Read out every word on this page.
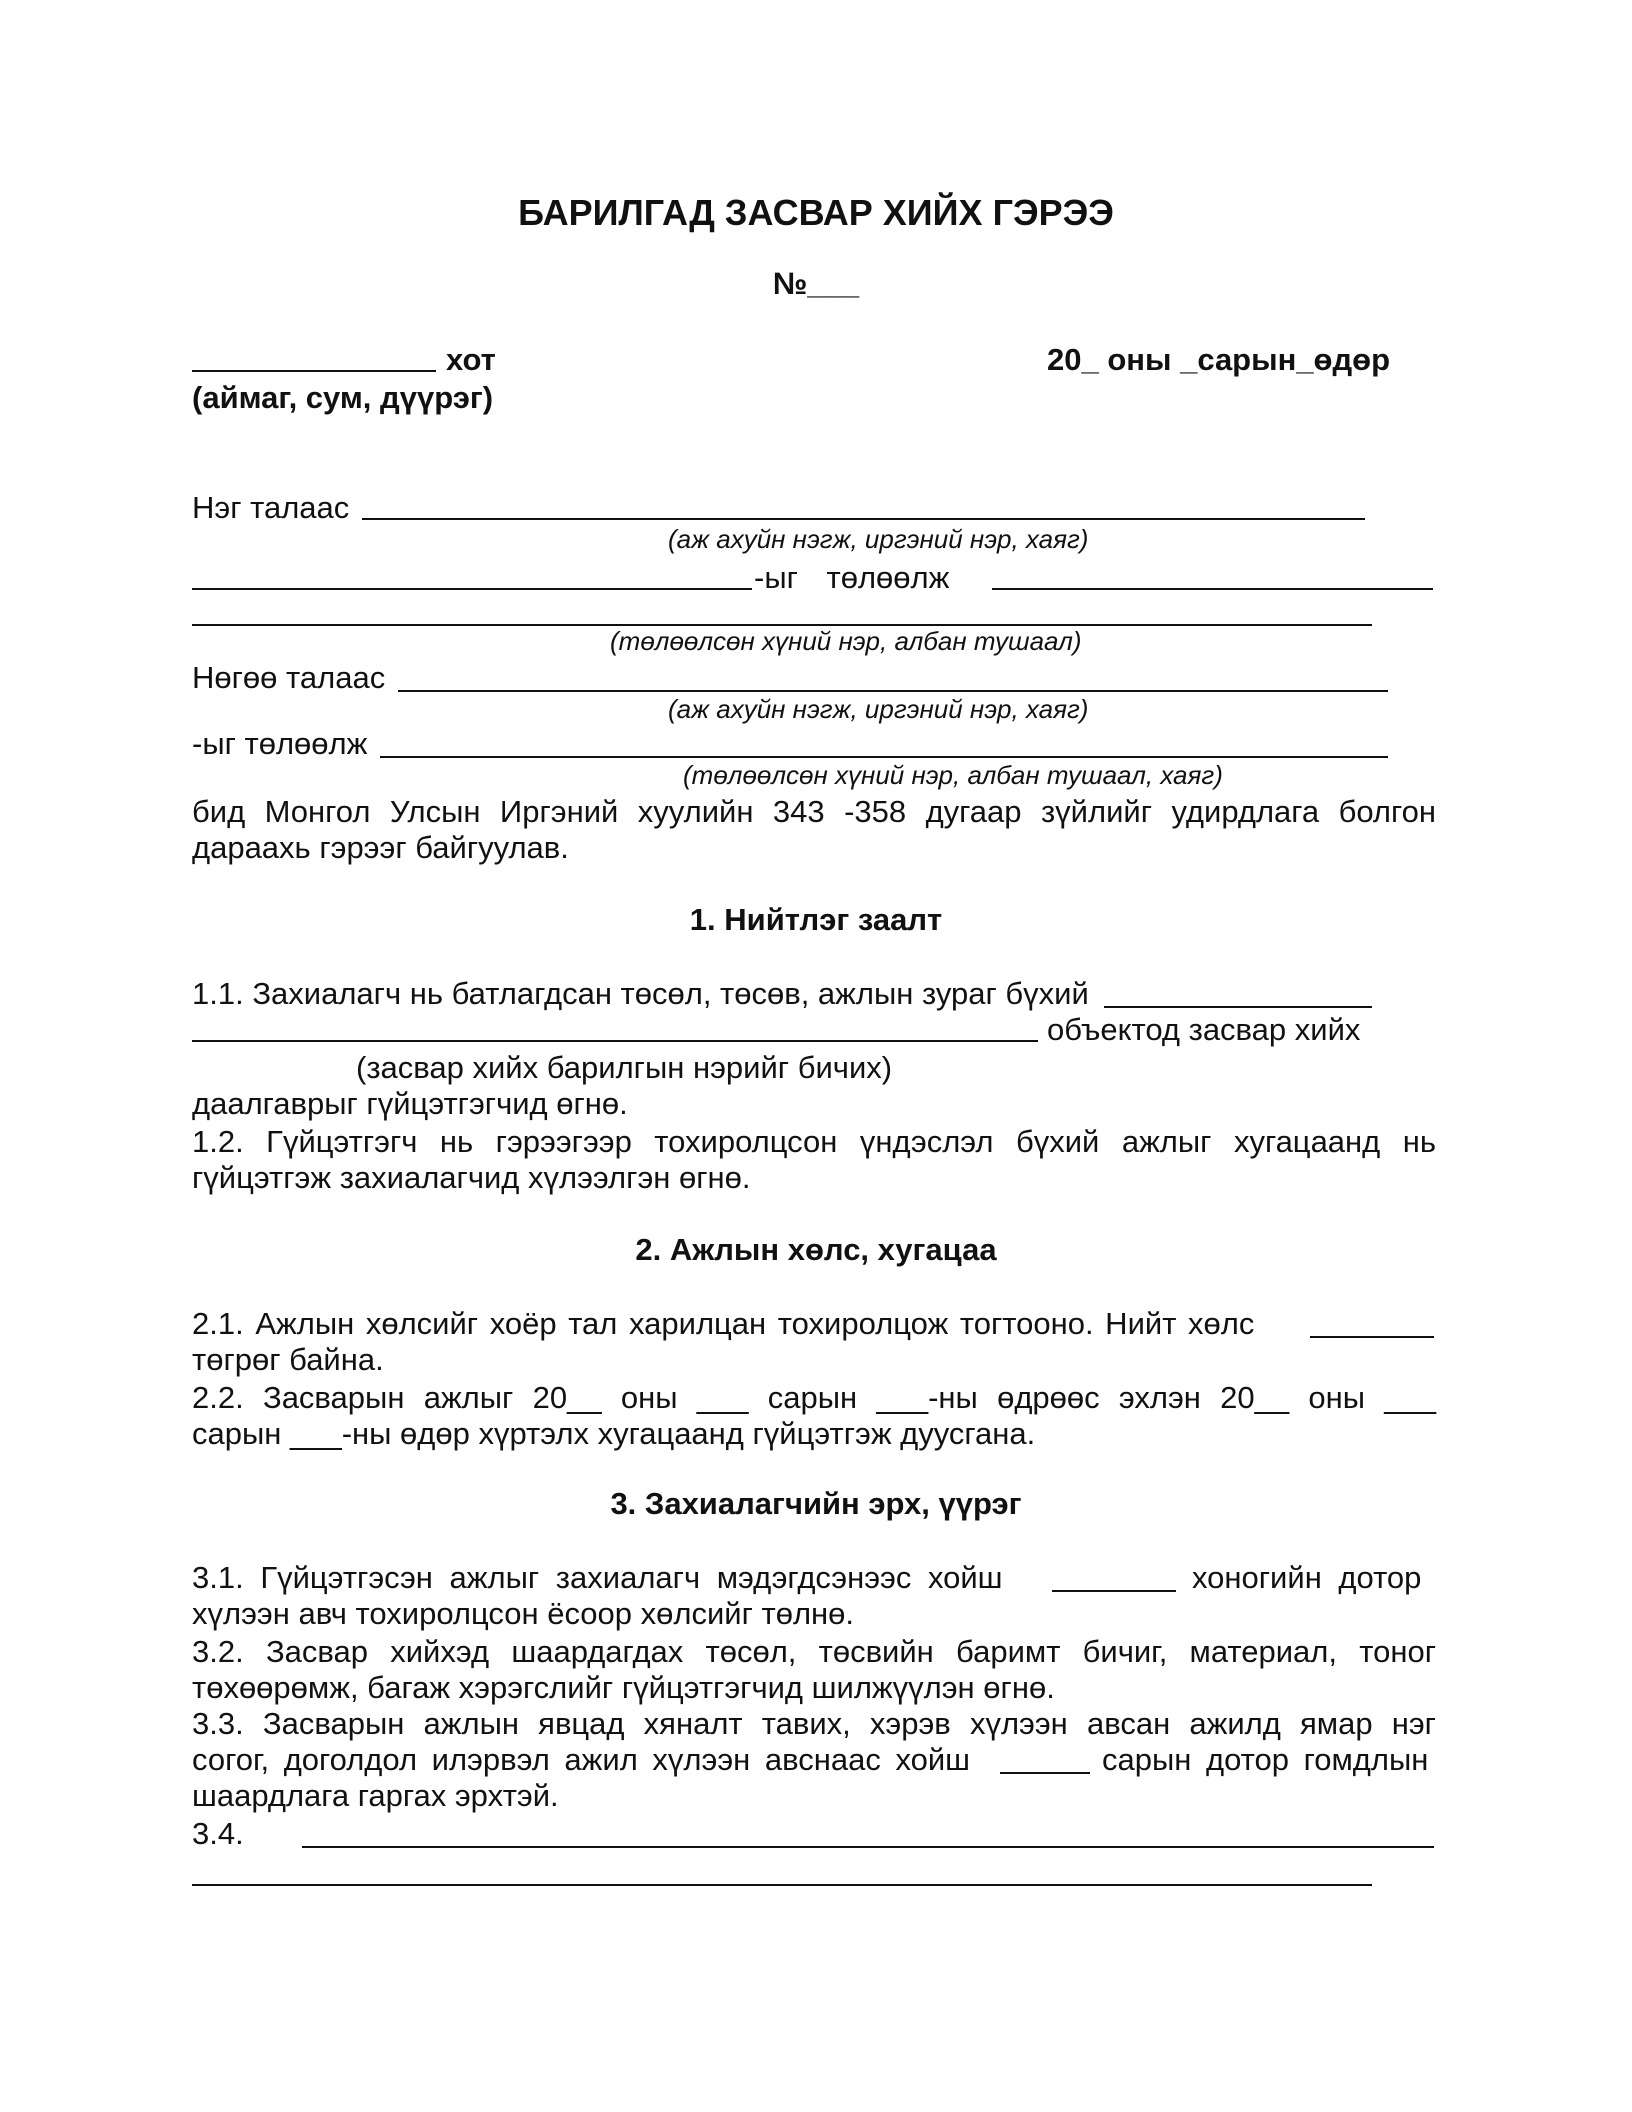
БАРИЛГАД ЗАСВАР ХИЙХ ГЭРЭЭ
№___
хот
(аймаг, сум, дүүрэг)
20_ оны _сарын_өдөр
Нэг талаас
(аж ахуйн нэгж, иргэний нэр, хаяг)
-ыг төлөөлж
(төлөөлсөн хүний нэр, албан тушаал)
Нөгөө талаас
(аж ахуйн нэгж, иргэний нэр, хаяг)
-ыг төлөөлж
(төлөөлсөн хүний нэр, албан тушаал, хаяг)
бид Монгол Улсын Иргэний хуулийн 343 -358 дугаар зүйлийг удирдлага болгон
дараахь гэрээг байгуулав.
1. Нийтлэг заалт
1.1. Захиалагч нь батлагдсан төсөл, төсөв, ажлын зураг бүхий
объектод засвар хийх
(засвар хийх барилгын нэрийг бичих)
даалгаврыг гүйцэтгэгчид өгнө.
1.2. Гүйцэтгэгч нь гэрээгээр тохиролцсон үндэслэл бүхий ажлыг хугацаанд нь
гүйцэтгэж захиалагчид хүлээлгэн өгнө.
2. Ажлын хөлс, хугацаа
2.1. Ажлын хөлсийг хоёр тал харилцан тохиролцож тогтооно. Нийт хөлс
төгрөг байна.
2.2. Засварын ажлыг 20__ оны ___ сарын ___-ны өдрөөс эхлэн 20__ оны ___
сарын ___-ны өдөр хүртэлх хугацаанд гүйцэтгэж дуусгана.
3. Захиалагчийн эрх, үүрэг
3.1. Гүйцэтгэсэн ажлыг захиалагч мэдэгдсэнээс хойш	хоногийн дотор
хүлээн авч тохиролцсон ёсоор хөлсийг төлнө.
3.2. Засвар хийхэд шаардагдах төсөл, төсвийн баримт бичиг, материал, тоног
төхөөрөмж, багаж хэрэгслийг гүйцэтгэгчид шилжүүлэн өгнө.
3.3. Засварын ажлын явцад хяналт тавих, хэрэв хүлээн авсан ажилд ямар нэг
согог, доголдол илэрвэл ажил хүлээн авснаас хойш	сарын дотор гомдлын
шаардлага гаргах эрхтэй.
3.4.
